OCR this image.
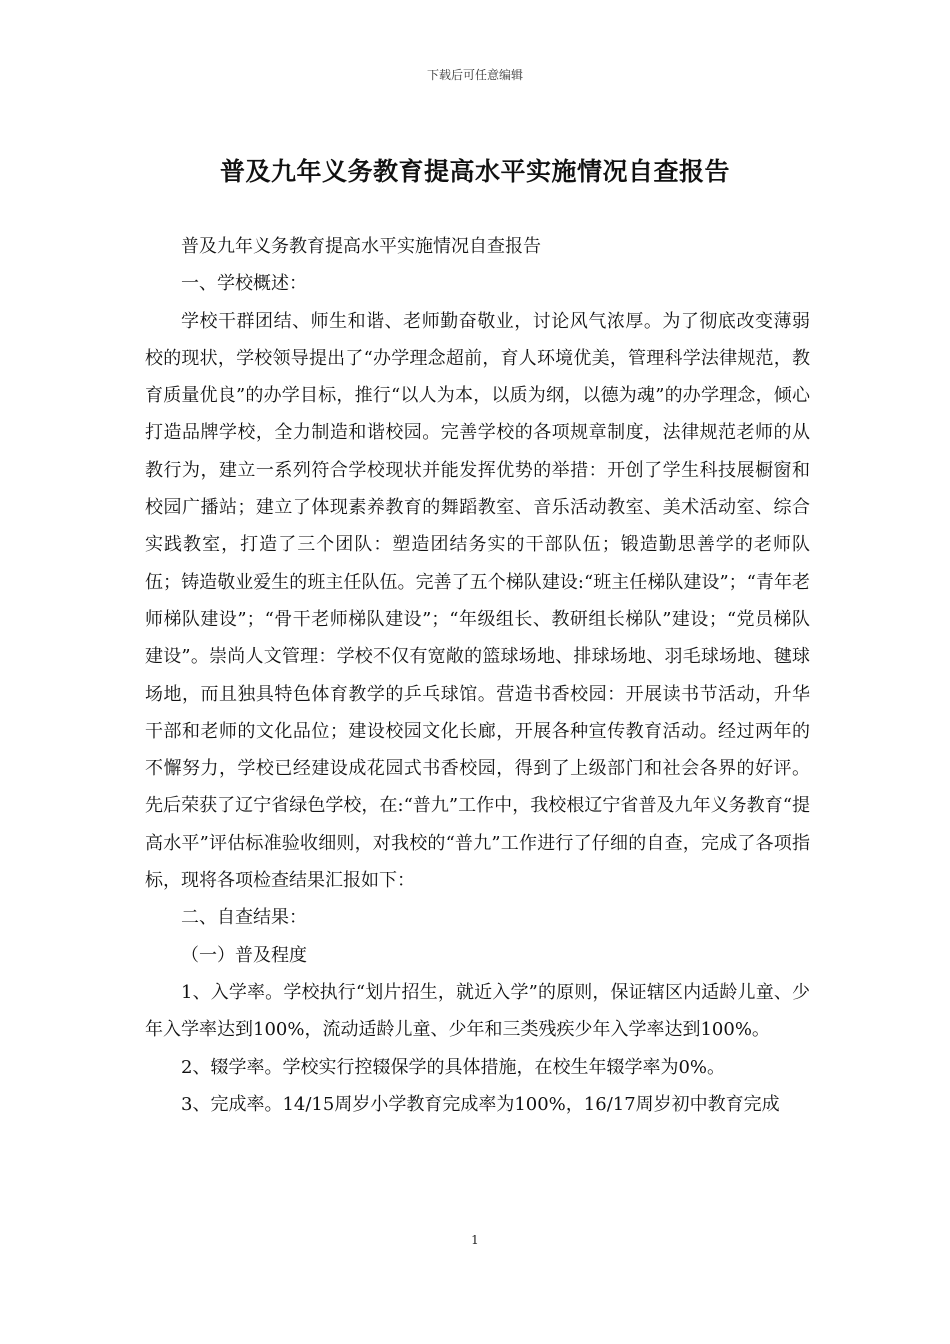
下载后可任意编辑
普及九年义务教育提高水平实施情况自查报告

普及九年义务教育提高水平实施情况自查报告

一、学校概述：

学校干群团结、师生和谐、老师勤奋敬业，讨论风气浓厚。为了彻底改变薄弱校的现状，学校领导提出了“办学理念超前，育人环境优美，管理科学法律规范，教育质量优良”的办学目标，推行“以人为本，以质为纲，以德为魂”的办学理念，倾心打造品牌学校，全力制造和谐校园。完善学校的各项规章制度，法律规范老师的从教行为，建立一系列符合学校现状并能发挥优势的举措：开创了学生科技展橱窗和校园广播站；建立了体现素养教育的舞蹈教室、音乐活动教室、美术活动室、综合实践教室，打造了三个团队：塑造团结务实的干部队伍；锻造勤思善学的老师队伍；铸造敬业爱生的班主任队伍。完善了五个梯队建设:“班主任梯队建设”；“青年老师梯队建设”；“骨干老师梯队建设”；“年级组长、教研组长梯队”建设；“党员梯队建设”。崇尚人文管理：学校不仅有宽敞的篮球场地、排球场地、羽毛球场地、毽球场地，而且独具特色体育教学的乒乓球馆。营造书香校园：开展读书节活动，升华干部和老师的文化品位；建设校园文化长廊，开展各种宣传教育活动。经过两年的不懈努力，学校已经建设成花园式书香校园，得到了上级部门和社会各界的好评。先后荣获了辽宁省绿色学校，在:“普九”工作中，我校根辽宁省普及九年义务教育“提高水平”评估标准验收细则，对我校的“普九”工作进行了仔细的自查，完成了各项指标，现将各项检查结果汇报如下：

二、自查结果：

（一）普及程度

1、入学率。学校执行“划片招生，就近入学”的原则，保证辖区内适龄儿童、少年入学率达到100%，流动适龄儿童、少年和三类残疾少年入学率达到100%。

2、辍学率。学校实行控辍保学的具体措施，在校生年辍学率为0%。

3、完成率。14/15周岁小学教育完成率为100%，16/17周岁初中教育完成

1
